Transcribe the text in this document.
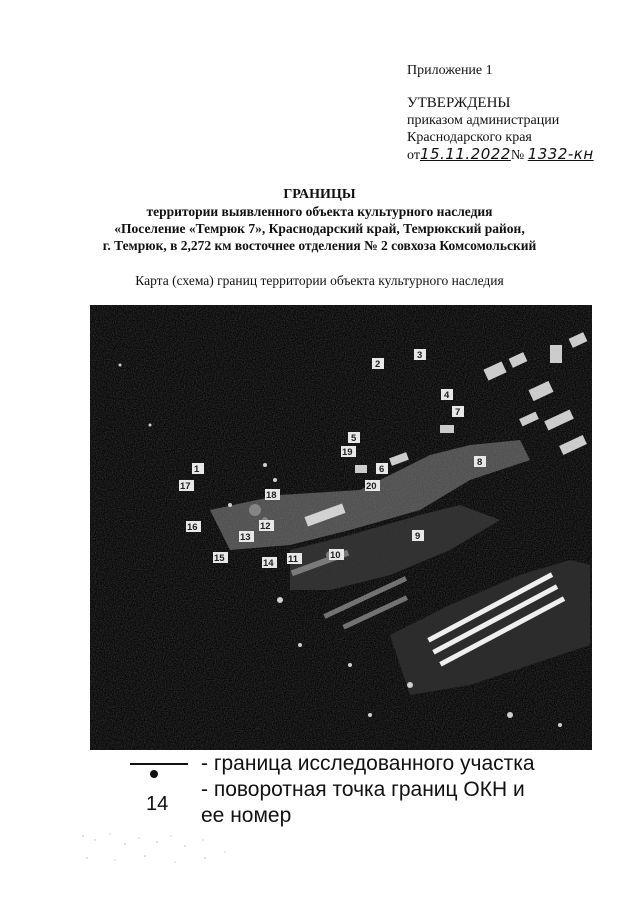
Приложение 1
УТВЕРЖДЕНЫ
приказом администрации
Краснодарского края
от15.11.2022№ 1332-кн
ГРАНИЦЫ
территории выявленного объекта культурного наследия
«Поселение «Темрюк 7», Краснодарский край, Темрюкский район,
г. Темрюк, в 2,272 км восточнее отделения № 2 совхоза Комсомольский
Карта (схема) границ территории объекта культурного наследия
1
2
3
4
5
6
7
8
9
10
11
12
13
14
15
16
17
18
19
20
- граница исследованного участка
- поворотная точка границ ОКН и
14 ее номер
